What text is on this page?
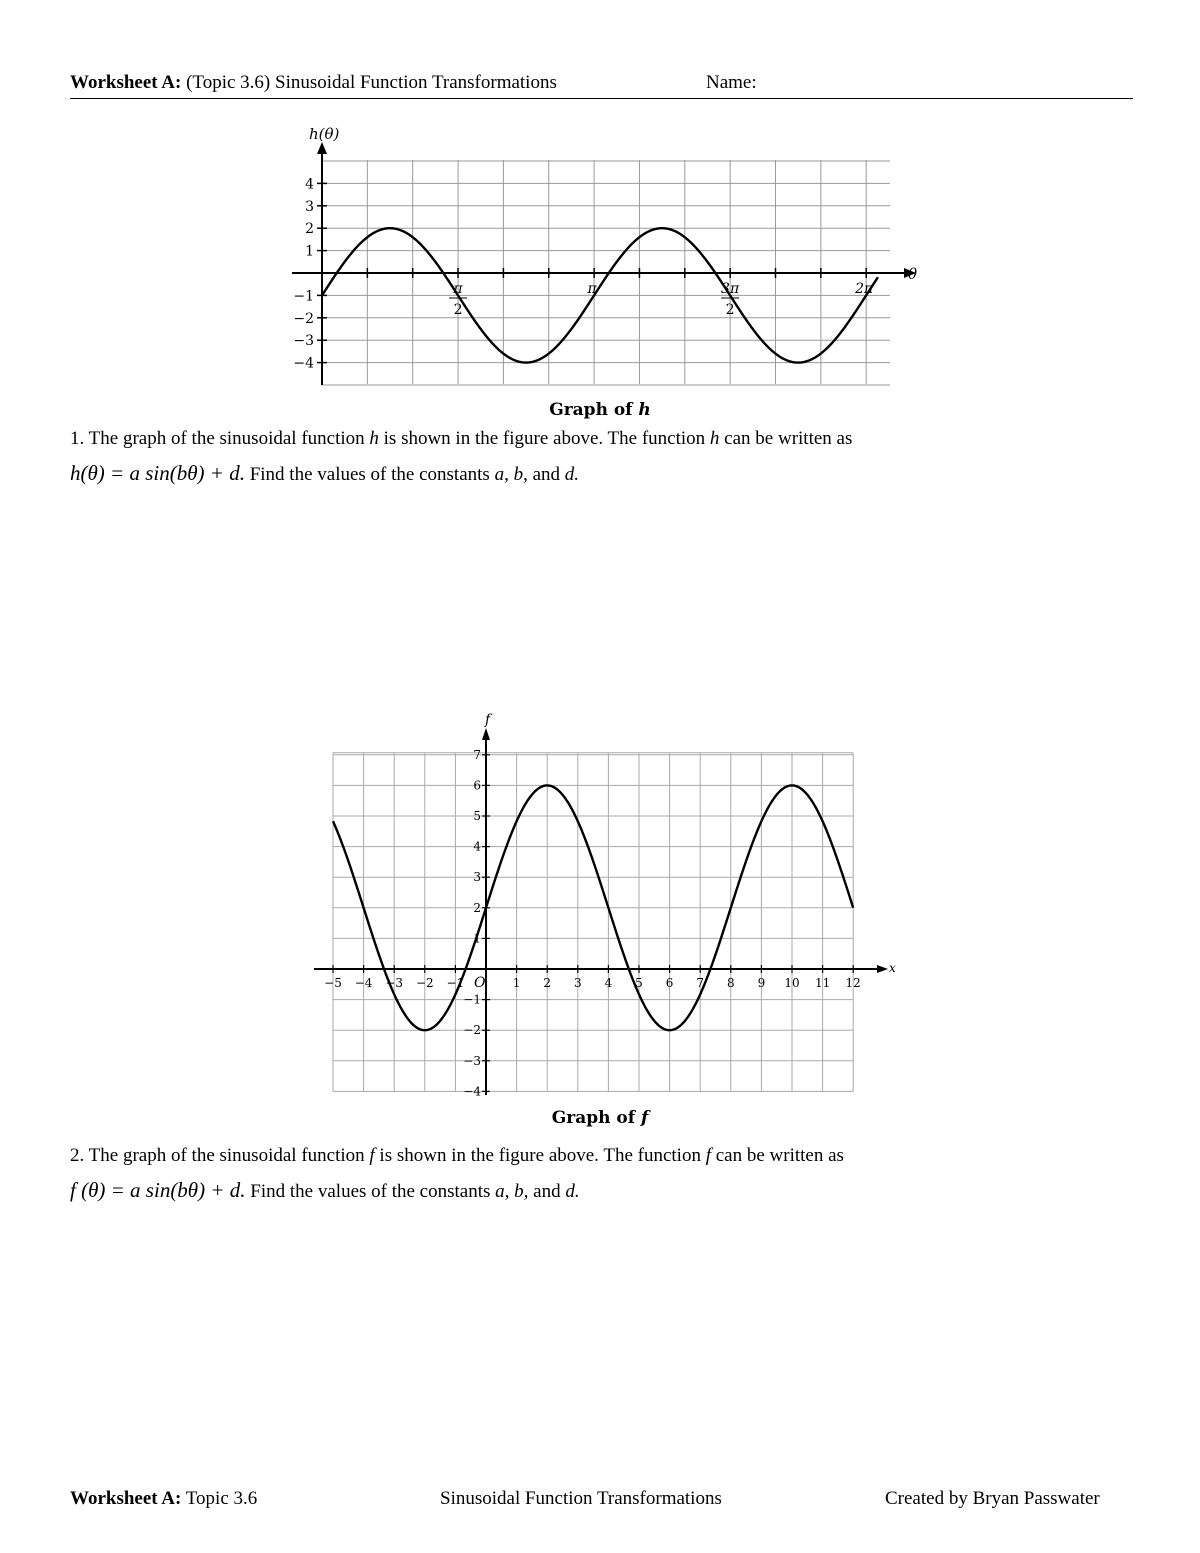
Worksheet A: (Topic 3.6) Sinusoidal Function Transformations	Name:
h(θ)
θ
−4
−3
−2
−1
1
2
3
4
π
2
π	3π
2
2π
Graph of h
1. The graph of the sinusoidal function h is shown in the figure above. The function h can be written as
h(θ) = a sin(bθ) + d. Find the values of the constants a, b, and d.
f
x
O
−5 −4 −3 −2 −1	1 2 3 4 5 6 7 8 9 10 11 12
−4
−3
−2
−1
1
2
3
4
5
6
7
Graph of f
2. The graph of the sinusoidal function f is shown in the figure above. The function f can be written as
f (θ) = a sin(bθ) + d. Find the values of the constants a, b, and d.
Worksheet A: Topic 3.6	Sinusoidal Function Transformations	Created by Bryan Passwater
